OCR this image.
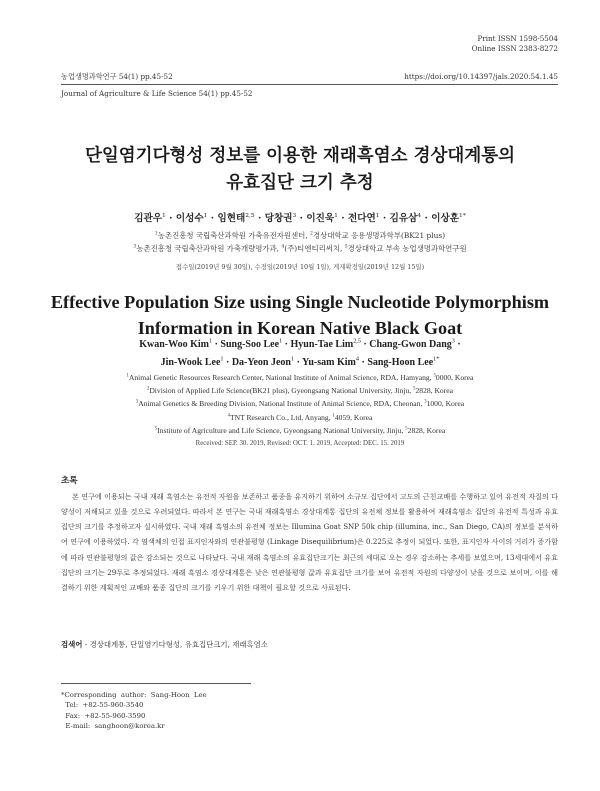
Print ISSN 1598-5504
Online ISSN 2383-8272
농업생명과학연구 54(1) pp.45-52	https://doi.org/10.14397/jals.2020.54.1.45
Journal of Agriculture & Life Science 54(1) pp.45-52
단일염기다형성 정보를 이용한 재래흑염소 경상대계통의
유효집단 크기 추정
김관우$^1$ · 이성수$^1$ · 임현태$^{2,5}$ · 당창권$^3$ · 이진욱$^1$ · 전다연$^1$ · 김유삼$^4$ · 이상훈$^{1*}$
$^1$농촌진흥청 국립축산과학원 가축유전자원센터, $^2$경상대학교 응용생명과학부(BK21 plus)
$^3$농촌진흥청 국립축산과학원 가축개량평가과, $^4$(주)티엔티리써치, $^5$경상대학교 부속 농업생명과학연구원
접수일(2019년 9월 30일), 수정일(2019년 10월 1일), 게재확정일(2019년 12월 15일)
Effective Population Size using Single Nucleotide Polymorphism
Information in Korean Native Black Goat
Kwan-Woo Kim$^1$ · Sung-Soo Lee$^1$ · Hyun-Tae Lim$^{2,5}$ · Chang-Gwon Dang$^3$ ·
Jin-Wook Lee$^1$ · Da-Yeon Jeon$^1$ · Yu-sam Kim$^4$ · Sang-Hoon Lee$^{1*}$
$^1$Animal Genetic Resources Research Center, National Institute of Animal Science, RDA, Hamyang, $^5$0000, Korea
$^2$Division of Applied Life Science(BK21 plus), Gyeongsang National University, Jinju, $^5$2828, Korea
$^3$Animal Genetics & Breeding Division, National Institute of Animal Science, RDA, Cheonan, $^3$1000, Korea
$^4$TNT Research Co., Ltd, Anyang, $^1$4059, Korea
$^5$Institute of Agriculture and Life Science, Gyeongsang National University, Jinju, $^5$2828, Korea
Received: SEP. 30. 2019, Revised: OCT. 1. 2019, Accepted: DEC. 15. 2019
초록

본 연구에 이용되는 국내 재래 흑염소는 유전적 자원을 보존하고 품종을 유지하기 위하여 소규모 집단에서 고도의 근친교배를 수행하고 있어 유전적 자질의 다양성이 저해되고 있을 것으로 우려되었다. 따라서 본 연구는 국내 재래흑염소 경상대계통 집단의 유전체 정보를 활용하여 재래흑염소 집단의 유전적 특성과 유효집단의 크기를 추정하고자 실시하였다. 국내 재래 흑염소의 유전체 정보는 Illumina Goat SNP 50k chip (illumina, inc., San Diego, CA)의 정보를 분석하여 연구에 이용하였다. 각 염색체의 인접 표지인자와의 연관불평형 (Linkage Disequilibrium)은 0.225로 추정이 되었다. 또한, 표지인자 사이의 거리가 증가함에 따라 연관불평형의 값은 감소되는 것으로 나타났다. 국내 재래 흑염소의 유효집단크기는 최근의 세대로 오는 경우 감소하는 추세를 보였으며, 13세대에서 유효집단의 크기는 29두로 추정되었다. 재래 흑염소 경상대계통은 낮은 연관불평형 값과 유효집단 크기를 보여 유전적 자원의 다양성이 낮을 것으로 보이며, 이를 해결하기 위한 계획적인 교배와 품종 집단의 크기를 키우기 위한 대책이 필요할 것으로 사료된다.

검색어 - 경상대계통, 단일염기다형성, 유효집단크기, 재래흑염소
*Corresponding  author:  Sang-Hoon  Lee
Tel:  +82-55-960-3540
Fax:  +82-55-960-3590
E-mail:  sanghoon@korea.kr
